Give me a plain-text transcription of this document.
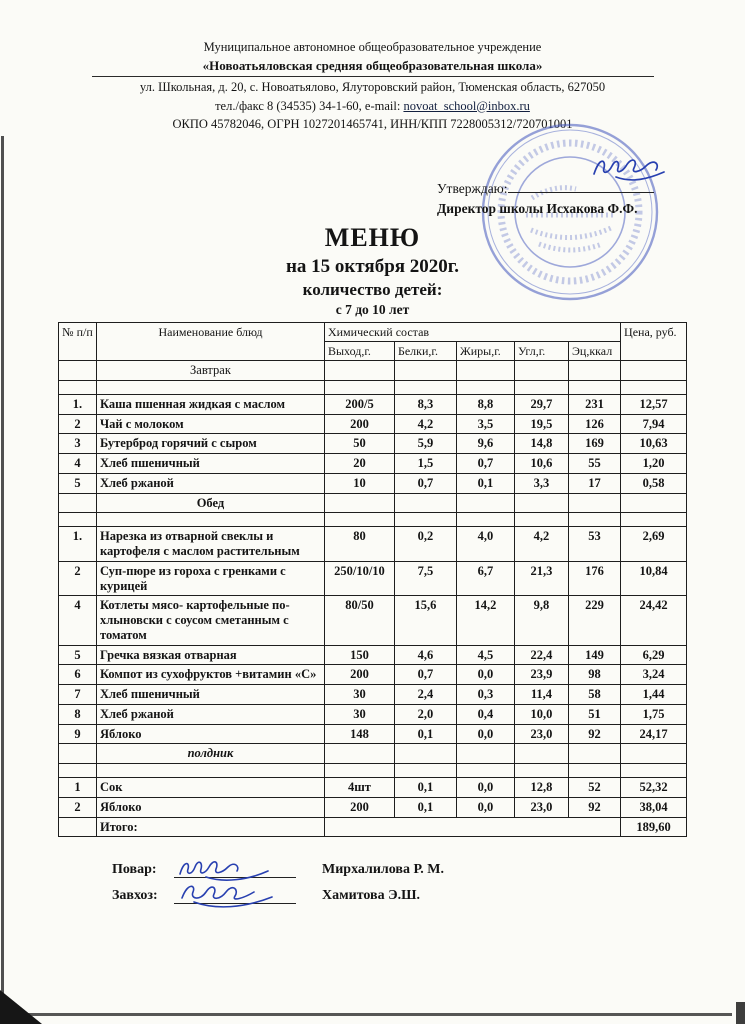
Муниципальное автономное общеобразовательное учреждение
«Новоатьяловская средняя общеобразовательная школа»
ул. Школьная, д. 20, с. Новоатьялово, Ялуторовский район, Тюменская область, 627050
тел./факс 8 (34535) 34-1-60, e-mail: novoat_school@inbox.ru
ОКПО 45782046, ОГРН 1027201465741, ИНН/КПП 7228005312/720701001
Утверждаю:
Директор школы Исхакова Ф.Ф.
МЕНЮ
на 15 октября 2020г.
количество детей:
с 7 до 10 лет
№ п/п	Наименование блюд	Химический состав					Цена, руб.
		Выход,г.	Белки,г.	Жиры,г.	Угл,г.	Эц,ккал	
	Завтрак						

1.	Каша пшенная жидкая с маслом	200/5	8,3	8,8	29,7	231	12,57
2	Чай с молоком	200	4,2	3,5	19,5	126	7,94
3	Бутерброд горячий с сыром	50	5,9	9,6	14,8	169	10,63
4	Хлеб пшеничный	20	1,5	0,7	10,6	55	1,20
5	Хлеб ржаной	10	0,7	0,1	3,3	17	0,58
	Обед						

1.	Нарезка из отварной свеклы и картофеля с маслом растительным	80	0,2	4,0	4,2	53	2,69
2	Суп-пюре из гороха с гренками с курицей	250/10/10	7,5	6,7	21,3	176	10,84
4	Котлеты мясо- картофельные по- хлыновски с соусом сметанным с томатом	80/50	15,6	14,2	9,8	229	24,42
5	Гречка вязкая отварная	150	4,6	4,5	22,4	149	6,29
6	Компот из сухофруктов +витамин «С»	200	0,7	0,0	23,9	98	3,24
7	Хлеб пшеничный	30	2,4	0,3	11,4	58	1,44
8	Хлеб ржаной	30	2,0	0,4	10,0	51	1,75
9	Яблоко	148	0,1	0,0	23,0	92	24,17
	полдник						

1	Сок	4шт	0,1	0,0	12,8	52	52,32
2	Яблоко	200	0,1	0,0	23,0	92	38,04
	Итого:						189,60
Повар:	Мирхалилова Р. М.
Завхоз:	Хамитова Э.Ш.
